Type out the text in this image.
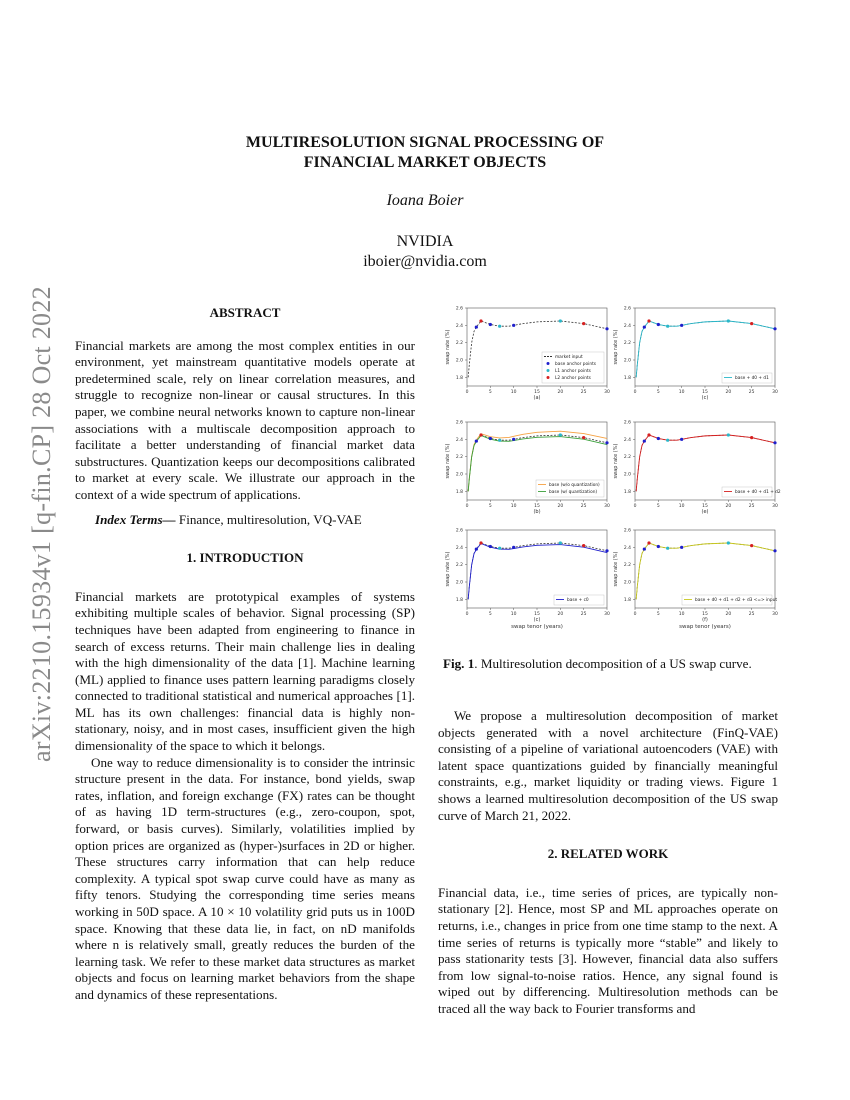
arXiv:2210.15934v1 [q-fin.CP] 28 Oct 2022
MULTIRESOLUTION SIGNAL PROCESSING OF
FINANCIAL MARKET OBJECTS
Ioana Boier
NVIDIA
iboier@nvidia.com
ABSTRACT

Financial markets are among the most complex entities in our environment, yet mainstream quantitative models operate at predetermined scale, rely on linear correlation measures, and struggle to recognize non-linear or causal structures. In this paper, we combine neural networks known to capture non-linear associations with a multiscale decomposition approach to facilitate a better understanding of financial market data substructures. Quantization keeps our decompositions calibrated to market at every scale. We illustrate our approach in the context of a wide spectrum of applications.

Index Terms— Finance, multiresolution, VQ-VAE

1. INTRODUCTION

Financial markets are prototypical examples of systems exhibiting multiple scales of behavior. Signal processing (SP) techniques have been adapted from engineering to finance in search of excess returns. Their main challenge lies in dealing with the high dimensionality of the data [1]. Machine learning (ML) applied to finance uses pattern learning paradigms closely connected to traditional statistical and numerical approaches [1]. ML has its own challenges: financial data is highly non-stationary, noisy, and in most cases, insufficient given the high dimensionality of the space to which it belongs.

One way to reduce dimensionality is to consider the intrinsic structure present in the data. For instance, bond yields, swap rates, inflation, and foreign exchange (FX) rates can be thought of as having 1D term-structures (e.g., zero-coupon, spot, forward, or basis curves). Similarly, volatilities implied by option prices are organized as (hyper-)surfaces in 2D or higher. These structures carry information that can help reduce complexity. A typical spot swap curve could have as many as fifty tenors. Studying the corresponding time series means working in 50D space. A 10 × 10 volatility grid puts us in 100D space. Knowing that these data lie, in fact, on nD manifolds where n is relatively small, greatly reduces the burden of the learning task. We refer to these market data structures as market objects and focus on learning market behaviors from the shape and dynamics of these representations.

1.8
2.0
2.2
2.4
2.6
0	5	10	15	20	25	30
swap rate (%)
(a)
market input
base anchor points
L1 anchor points
L2 anchor points	1.8
2.0
2.2
2.4
2.6
0	5	10	15	20	25	30
swap rate (%)
(c)
base + d0 + d1
1.8
2.0
2.2
2.4
2.6
0	5	10	15	20	25	30
swap rate (%)
(b)
base (w/o quantization)
base (w/ quantization)	1.8
2.0
2.2
2.4
2.6
0	5	10	15	20	25	30
swap rate (%)
(e)
base + d0 + d1 + d2
1.8
2.0
2.2
2.4
2.6
0	5	10	15	20	25	30
swap rate (%)
(c)
swap tenor (years)
base + c0	1.8
2.0
2.2
2.4
2.6
0	5	10	15	20	25	30
swap rate (%)
(f)
swap tenor (years)
base + d0 + d1 + d2 + d3 <=> input
Fig. 1. Multiresolution decomposition of a US swap curve.

We propose a multiresolution decomposition of market objects generated with a novel architecture (FinQ-VAE) consisting of a pipeline of variational autoencoders (VAE) with latent space quantizations guided by financially meaningful constraints, e.g., market liquidity or trading views. Figure 1 shows a learned multiresolution decomposition of the US swap curve of March 21, 2022.

2. RELATED WORK

Financial data, i.e., time series of prices, are typically non-stationary [2]. Hence, most SP and ML approaches operate on returns, i.e., changes in price from one time stamp to the next. A time series of returns is typically more “stable” and likely to pass stationarity tests [3]. However, financial data also suffers from low signal-to-noise ratios. Hence, any signal found is wiped out by differencing. Multiresolution methods can be traced all the way back to Fourier transforms and
